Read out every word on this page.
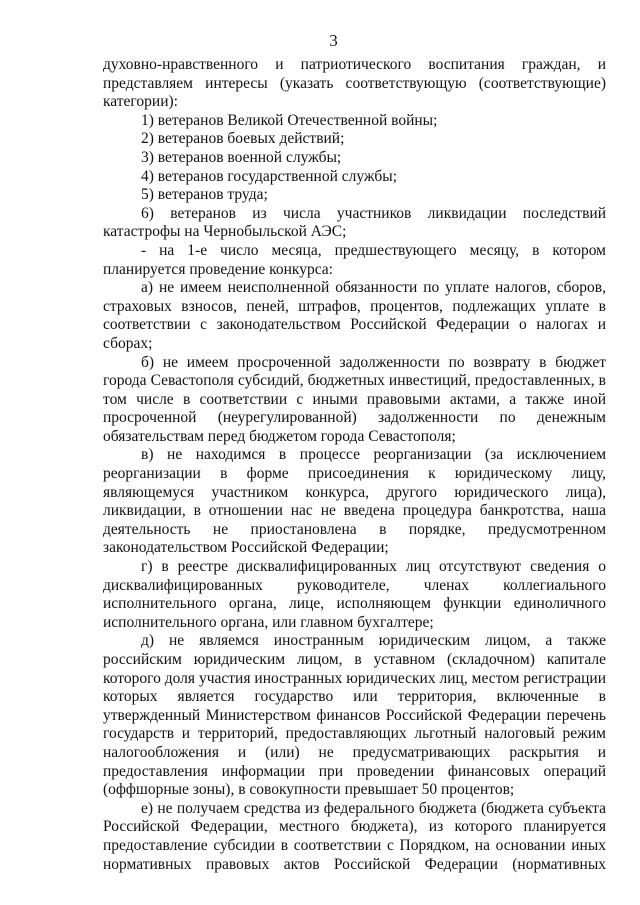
3

духовно-нравственного и патриотического воспитания граждан, и представляем интересы (указать соответствующую (соответствующие) категории):

1) ветеранов Великой Отечественной войны;

2) ветеранов боевых действий;

3) ветеранов военной службы;

4) ветеранов государственной службы;

5) ветеранов труда;

6) ветеранов из числа участников ликвидации последствий катастрофы на Чернобыльской АЭС;

- на 1-е число месяца, предшествующего месяцу, в котором планируется проведение конкурса:

а) не имеем неисполненной обязанности по уплате налогов, сборов, страховых взносов, пеней, штрафов, процентов, подлежащих уплате в соответствии с законодательством Российской Федерации о налогах и сборах;

б) не имеем просроченной задолженности по возврату в бюджет города Севастополя субсидий, бюджетных инвестиций, предоставленных, в том числе в соответствии с иными правовыми актами, а также иной просроченной (неурегулированной) задолженности по денежным обязательствам перед бюджетом города Севастополя;

в) не находимся в процессе реорганизации (за исключением реорганизации в форме присоединения к юридическому лицу, являющемуся участником конкурса, другого юридического лица), ликвидации, в отношении нас не введена процедура банкротства, наша деятельность не приостановлена в порядке, предусмотренном законодательством Российской Федерации;

г) в реестре дисквалифицированных лиц отсутствуют сведения о дисквалифицированных руководителе, членах коллегиального исполнительного органа, лице, исполняющем функции единоличного исполнительного органа, или главном бухгалтере;

д) не являемся иностранным юридическим лицом, а также российским юридическим лицом, в уставном (складочном) капитале которого доля участия иностранных юридических лиц, местом регистрации которых является государство или территория, включенные в утвержденный Министерством финансов Российской Федерации перечень государств и территорий, предоставляющих льготный налоговый режим налогообложения и (или) не предусматривающих раскрытия и предоставления информации при проведении финансовых операций (оффшорные зоны), в совокупности превышает 50 процентов;

е) не получаем средства из федерального бюджета (бюджета субъекта Российской Федерации, местного бюджета), из которого планируется предоставление субсидии в соответствии с Порядком, на основании иных нормативных правовых актов Российской Федерации (нормативных
